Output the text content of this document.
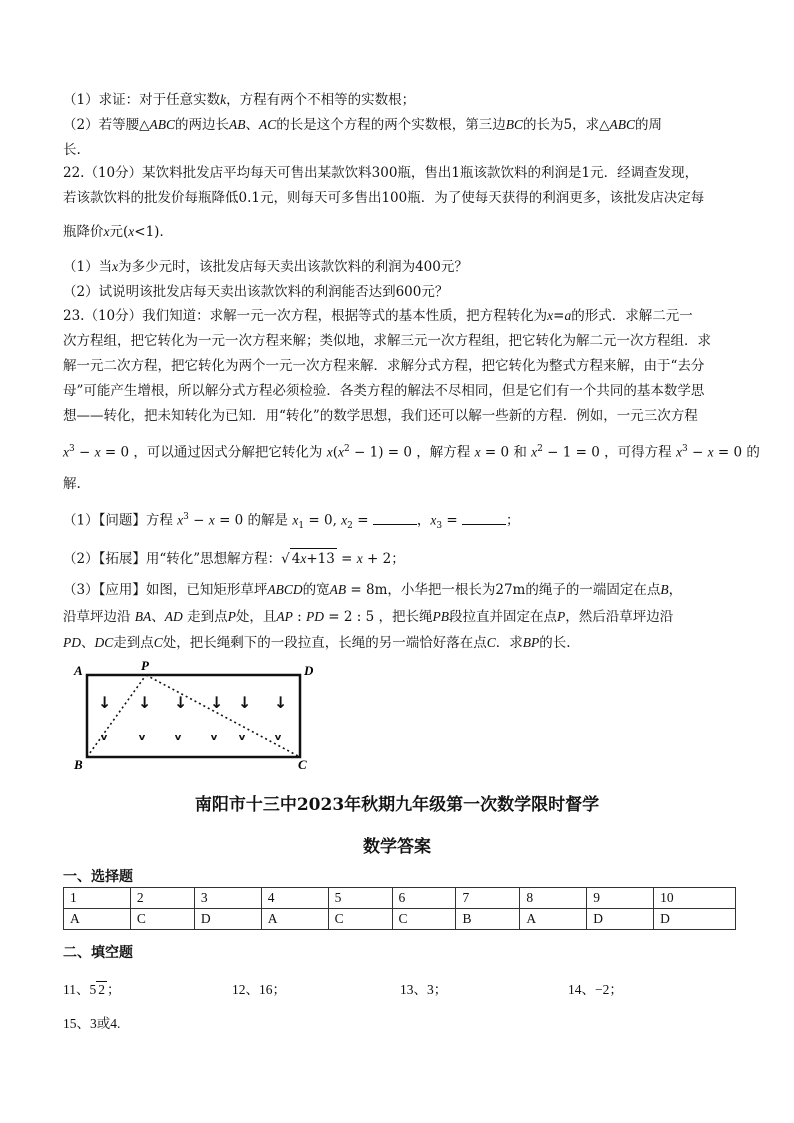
（1）求证：对于任意实数k，方程有两个不相等的实数根；
（2）若等腰△ABC的两边长AB、AC的长是这个方程的两个实数根，第三边BC的长为5，求△ABC的周
长.
22.（10分）某饮料批发店平均每天可售出某款饮料300瓶，售出1瓶该款饮料的利润是1元．经调查发现，
若该款饮料的批发价每瓶降低0.1元，则每天可多售出100瓶．为了使每天获得的利润更多，该批发店决定每
瓶降价x元(x<1)．
（1）当x为多少元时，该批发店每天卖出该款饮料的利润为400元？
（2）试说明该批发店每天卖出该款饮料的利润能否达到600元？
23.（10分）我们知道：求解一元一次方程，根据等式的基本性质，把方程转化为x=a的形式．求解二元一
次方程组，把它转化为一元一次方程来解；类似地，求解三元一次方程组，把它转化为解二元一次方程组．求
解一元二次方程，把它转化为两个一元一次方程来解．求解分式方程，把它转化为整式方程来解，由于“去分
母”可能产生增根，所以解分式方程必须检验．各类方程的解法不尽相同，但是它们有一个共同的基本数学思
想——转化，把未知转化为已知．用“转化”的数学思想，我们还可以解一些新的方程．例如，一元三次方程
$x^3 - x = 0$ ，可以通过因式分解把它转化为 $x(x^2 - 1) = 0$ ，解方程 x = 0 和 $x^2 - 1 = 0$ ，可得方程 $x^3 - x = 0$ 的
解.
（1）【问题】方程 $x^3 - x = 0$ 的解是 $x_1 = 0$, $x_2$ =	，$x_3$ =	；
（2）【拓展】用“转化”思想解方程：√ 4x+13 = x + 2；
（3）【应用】如图，已知矩形草坪ABCD的宽AB = 8m，小华把一根长为27m的绳子的一端固定在点B，
沿草坪边沿 BA、AD 走到点P处，且AP : PD = 2 : 5 ，把长绳PB段拉直并固定在点P，然后沿草坪边沿
PD、DC走到点C处，把长绳剩下的一段拉直，长绳的另一端恰好落在点C．求BP的长.
↓ ↓ ↓ ↓ ↓ ↓
ᵥ ᵥ ᵥ ᵥ ᵥ ᵥ
A	P	D
B	C
南阳市十三中2023年秋期九年级第一次数学限时督学
数学答案
一、选择题
1	2	3	4	5	6	7	8	9	10
A	C	D	A	C	C	B	A	D	D
二、填空题
11、5 2 ；	12、16；	13、3；	14、−2；
15、3或4.
